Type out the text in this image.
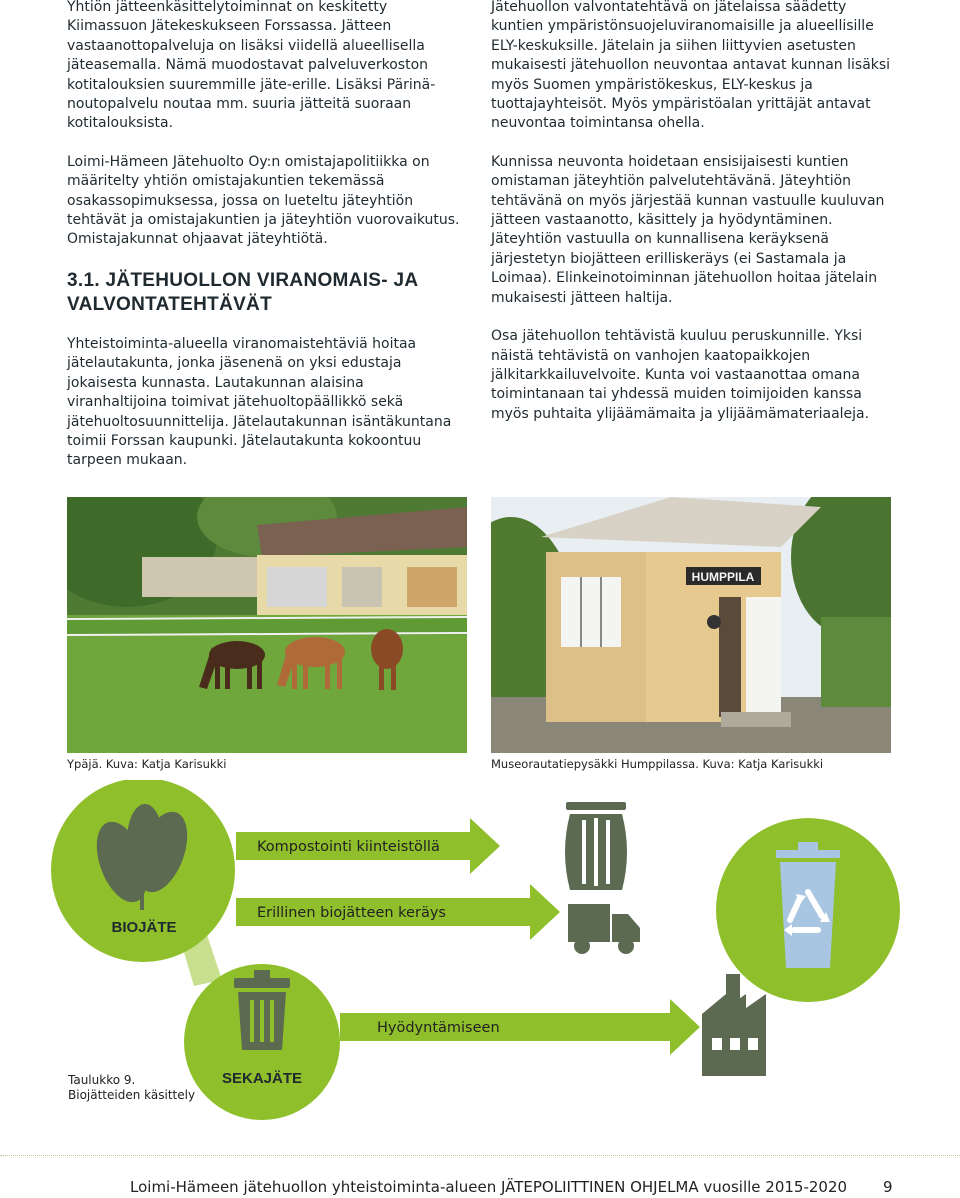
Yhtiön jätteenkäsittelytoiminnat on keskitetty Kiimassuon Jätekeskukseen Forssassa. Jätteen vastaanottopalveluja on lisäksi viidellä alueellisella jäteasemalla. Nämä muodostavat palveluverkoston kotitalouksien suuremmille jäte-erille. Lisäksi Pärinä-noutopalvelu noutaa mm. suuria jätteitä suoraan kotitalouksista.

Loimi-Hämeen Jätehuolto Oy:n omistajapolitiikka on määritelty yhtiön omistajakuntien tekemässä osakassopimuksessa, jossa on lueteltu jäteyhtiön tehtävät ja omistajakuntien ja jäteyhtiön vuorovaikutus. Omistajakunnat ohjaavat jäteyhtiötä.

3.1. JÄTEHUOLLON VIRANOMAIS- JA VALVONTATEHTÄVÄT

Yhteistoiminta-alueella viranomaistehtäviä hoitaa jätelautakunta, jonka jäsenenä on yksi edustaja jokaisesta kunnasta. Lautakunnan alaisina viranhaltijoina toimivat jätehuoltopäällikkö sekä jätehuoltosuunnittelija. Jätelautakunnan isäntäkuntana toimii Forssan kaupunki. Jätelautakunta kokoontuu tarpeen mukaan.

Jätehuollon valvontatehtävä on jätelaissa säädetty kuntien ympäristönsuojeluviranomaisille ja alueellisille ELY-keskuksille. Jätelain ja siihen liittyvien asetusten mukaisesti jätehuollon neuvontaa antavat kunnan lisäksi myös Suomen ympäristökeskus, ELY-keskus ja tuottajayhteisöt. Myös ympäristöalan yrittäjät antavat neuvontaa toimintansa ohella.

Kunnissa neuvonta hoidetaan ensisijaisesti kuntien omistaman jäteyhtiön palvelutehtävänä. Jäteyhtiön tehtävänä on myös järjestää kunnan vastuulle kuuluvan jätteen vastaanotto, käsittely ja hyödyntäminen. Jäteyhtiön vastuulla on kunnallisena keräyksenä järjestetyn biojätteen erilliskeräys (ei Sastamala ja Loimaa). Elinkeinotoiminnan jätehuollon hoitaa jätelain mukaisesti jätteen haltija.

Osa jätehuollon tehtävistä kuuluu peruskunnille. Yksi näistä tehtävistä on vanhojen kaatopaikkojen jälkitarkkailuvelvoite. Kunta voi vastaanottaa omana toimintanaan tai yhdessä muiden toimijoiden kanssa myös puhtaita ylijäämämaita ja ylijäämämateriaaleja.

Ypäjä. Kuva: Katja Karisukki
HUMPPILA
Museorautatiepysäkki Humppilassa. Kuva: Katja Karisukki
Kompostointi kiinteistöllä
Erillinen biojätteen keräys
Hyödyntämiseen
BIOJÄTE
SEKAJÄTE
Taulukko 9.
Biojätteiden käsittely
Loimi-Hämeen jätehuollon yhteistoiminta-alueen JÄTEPOLIITTINEN OHJELMA vuosille 2015-2020 9
